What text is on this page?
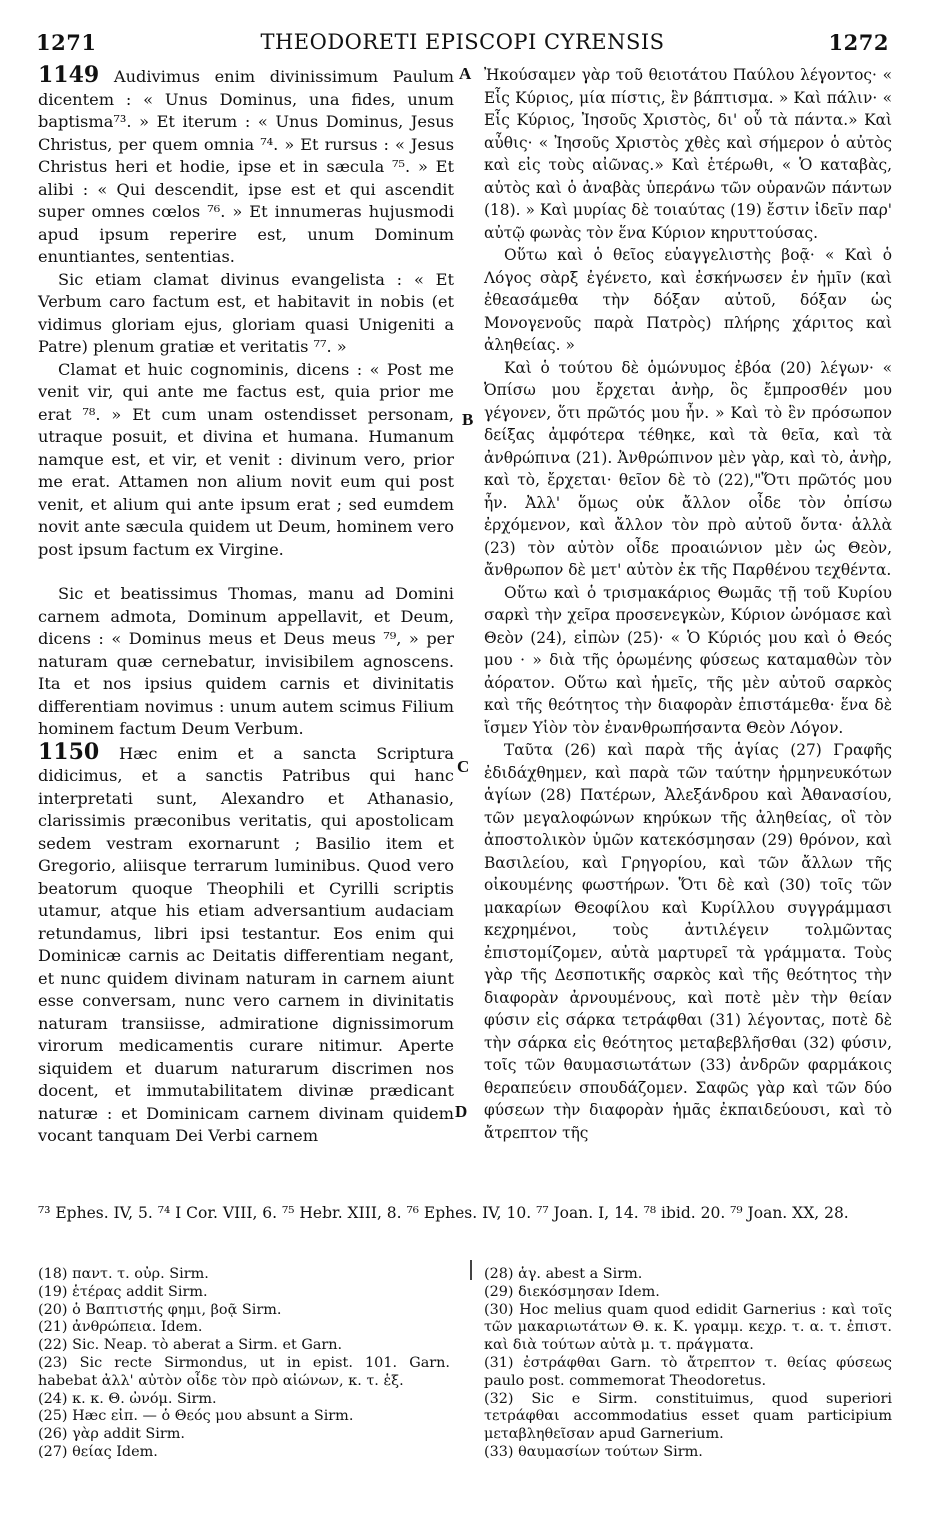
1271	THEODORETI EPISCOPI CYRENSIS	1272

1149 Audivimus enim divinissimum Paulum dicentem : « Unus Dominus, una fides, unum baptisma⁷³. » Et iterum : « Unus Dominus, Jesus Christus, per quem omnia ⁷⁴. » Et rursus : « Jesus Christus heri et hodie, ipse et in sæcula ⁷⁵. » Et alibi : « Qui descendit, ipse est et qui ascendit super omnes cœlos ⁷⁶. » Et innumeras hujusmodi apud ipsum reperire est, unum Dominum enuntiantes, sententias.

Sic etiam clamat divinus evangelista : « Et Verbum caro factum est, et habitavit in nobis (et vidimus gloriam ejus, gloriam quasi Unigeniti a Patre) plenum gratiæ et veritatis ⁷⁷. »

Clamat et huic cognominis, dicens : « Post me venit vir, qui ante me factus est, quia prior me erat ⁷⁸. » Et cum unam ostendisset personam, utraque posuit, et divina et humana. Humanum namque est, et vir, et venit : divinum vero, prior me erat. Attamen non alium novit eum qui post venit, et alium qui ante ipsum erat ; sed eumdem novit ante sæcula quidem ut Deum, hominem vero post ipsum factum ex Virgine.

Sic et beatissimus Thomas, manu ad Domini carnem admota, Dominum appellavit, et Deum, dicens : « Dominus meus et Deus meus ⁷⁹, » per naturam quæ cernebatur, invisibilem agnoscens. Ita et nos ipsius quidem carnis et divinitatis differentiam novimus : unum autem scimus Filium hominem factum Deum Verbum.

1150 Hæc enim et a sancta Scriptura didicimus, et a sanctis Patribus qui hanc interpretati sunt, Alexandro et Athanasio, clarissimis præconibus veritatis, qui apostolicam sedem vestram exornarunt ; Basilio item et Gregorio, aliisque terrarum luminibus. Quod vero beatorum quoque Theophili et Cyrilli scriptis utamur, atque his etiam adversantium audaciam retundamus, libri ipsi testantur. Eos enim qui Dominicæ carnis ac Deitatis differentiam negant, et nunc quidem divinam naturam in carnem aiunt esse conversam, nunc vero carnem in divinitatis naturam transiisse, admiratione dignissimorum virorum medicamentis curare nitimur. Aperte siquidem et duarum naturarum discrimen nos docent, et immutabilitatem divinæ prædicant naturæ : et Dominicam carnem divinam quidem vocant tanquam Dei Verbi carnem

A
B
C
D

Ἠκούσαμεν γὰρ τοῦ θειοτάτου Παύλου λέγοντος· « Εἷς Κύριος, μία πίστις, ἓν βάπτισμα. » Καὶ πάλιν· « Εἷς Κύριος, Ἰησοῦς Χριστὸς, δι' οὗ τὰ πάντα.» Καὶ αὖθις· « Ἰησοῦς Χριστὸς χθὲς καὶ σήμερον ὁ αὐτὸς καὶ εἰς τοὺς αἰῶνας.» Καὶ ἑτέρωθι, « Ὁ καταβὰς, αὐτὸς καὶ ὁ ἀναβὰς ὑπεράνω τῶν οὐρανῶν πάντων (18). » Καὶ μυρίας δὲ τοιαύτας (19) ἔστιν ἰδεῖν παρ' αὐτῷ φωνὰς τὸν ἕνα Κύριον κηρυττούσας.

Οὕτω καὶ ὁ θεῖος εὐαγγελιστὴς βοᾷ· « Καὶ ὁ Λόγος σὰρξ ἐγένετο, καὶ ἐσκήνωσεν ἐν ἡμῖν (καὶ ἐθεασάμεθα τὴν δόξαν αὐτοῦ, δόξαν ὡς Μονογενοῦς παρὰ Πατρὸς) πλήρης χάριτος καὶ ἀληθείας. »

Καὶ ὁ τούτου δὲ ὁμώνυμος ἐβόα (20) λέγων· « Ὀπίσω μου ἔρχεται ἀνὴρ, ὃς ἔμπροσθέν μου γέγονεν, ὅτι πρῶτός μου ἦν. » Καὶ τὸ ἓν πρόσωπον δείξας ἀμφότερα τέθηκε, καὶ τὰ θεῖα, καὶ τὰ ἀνθρώπινα (21). Ἀνθρώπινον μὲν γὰρ, καὶ τὸ, ἀνὴρ, καὶ τὸ, ἔρχεται· θεῖον δὲ τὸ (22),"Ὅτι πρῶτός μου ἦν. Ἀλλ' ὅμως οὐκ ἄλλον οἶδε τὸν ὀπίσω ἐρχόμενον, καὶ ἄλλον τὸν πρὸ αὐτοῦ ὄντα· ἀλλὰ (23) τὸν αὐτὸν οἶδε προαιώνιον μὲν ὡς Θεὸν, ἄνθρωπον δὲ μετ' αὐτὸν ἐκ τῆς Παρθένου τεχθέντα.

Οὕτω καὶ ὁ τρισμακάριος Θωμᾶς τῇ τοῦ Κυρίου σαρκὶ τὴν χεῖρα προσενεγκὼν, Κύριον ὠνόμασε καὶ Θεὸν (24), εἰπὼν (25)· « Ὁ Κύριός μου καὶ ὁ Θεός μου · » διὰ τῆς ὁρωμένης φύσεως καταμαθὼν τὸν ἀόρατον. Οὕτω καὶ ἡμεῖς, τῆς μὲν αὐτοῦ σαρκὸς καὶ τῆς θεότητος τὴν διαφορὰν ἐπιστάμεθα· ἕνα δὲ ἴσμεν Υἱὸν τὸν ἐνανθρωπήσαντα Θεὸν Λόγον.

Ταῦτα (26) καὶ παρὰ τῆς ἁγίας (27) Γραφῆς ἐδιδάχθημεν, καὶ παρὰ τῶν ταύτην ἡρμηνευκότων ἁγίων (28) Πατέρων, Ἀλεξάνδρου καὶ Ἀθανασίου, τῶν μεγαλοφώνων κηρύκων τῆς ἀληθείας, οἳ τὸν ἀποστολικὸν ὑμῶν κατεκόσμησαν (29) θρόνον, καὶ Βασιλείου, καὶ Γρηγορίου, καὶ τῶν ἄλλων τῆς οἰκουμένης φωστήρων. Ὅτι δὲ καὶ (30) τοῖς τῶν μακαρίων Θεοφίλου καὶ Κυρίλλου συγγράμμασι κεχρημένοι, τοὺς ἀντιλέγειν τολμῶντας ἐπιστομίζομεν, αὐτὰ μαρτυρεῖ τὰ γράμματα. Τοὺς γὰρ τῆς Δεσποτικῆς σαρκὸς καὶ τῆς θεότητος τὴν διαφορὰν ἀρνουμένους, καὶ ποτὲ μὲν τὴν θείαν φύσιν εἰς σάρκα τετράφθαι (31) λέγοντας, ποτὲ δὲ τὴν σάρκα εἰς θεότητος μεταβεβλῆσθαι (32) φύσιν, τοῖς τῶν θαυμασιωτάτων (33) ἀνδρῶν φαρμάκοις θεραπεύειν σπουδάζομεν. Σαφῶς γὰρ καὶ τῶν δύο φύσεων τὴν διαφορὰν ἡμᾶς ἐκπαιδεύουσι, καὶ τὸ ἄτρεπτον τῆς

⁷³ Ephes. IV, 5. ⁷⁴ I Cor. VIII, 6. ⁷⁵ Hebr. XIII, 8. ⁷⁶ Ephes. IV, 10. ⁷⁷ Joan. I, 14. ⁷⁸ ibid. 20. ⁷⁹ Joan. XX, 28.
(18) παντ. τ. οὐρ. Sirm.
(19) ἑτέρας addit Sirm.
(20) ὁ Βαπτιστής φημι, βοᾷ Sirm.
(21) ἀνθρώπεια. Idem.
(22) Sic. Neap. τὸ aberat a Sirm. et Garn.
(23) Sic recte Sirmondus, ut in epist. 101. Garn. habebat ἀλλ' αὐτὸν οἶδε τὸν πρὸ αἰώνων, κ. τ. ἑξ.
(24) κ. κ. Θ. ὠνόμ. Sirm.
(25) Hæc εἰπ. — ὁ Θεός μου absunt a Sirm.
(26) γὰρ addit Sirm.
(27) θείας Idem.
(28) ἁγ. abest a Sirm.
(29) διεκόσμησαν Idem.
(30) Hoc melius quam quod edidit Garnerius : καὶ τοῖς τῶν μακαριωτάτων Θ. κ. Κ. γραμμ. κεχρ. τ. α. τ. ἐπιστ. καὶ διὰ τούτων αὐτὰ μ. τ. πράγματα.
(31) ἐστράφθαι Garn. τὸ ἄτρεπτον τ. θείας φύσεως paulo post. commemorat Theodoretus.
(32) Sic e Sirm. constituimus, quod superiori τετράφθαι accommodatius esset quam participium μεταβληθεῖσαν apud Garnerium.
(33) θαυμασίων τούτων Sirm.
